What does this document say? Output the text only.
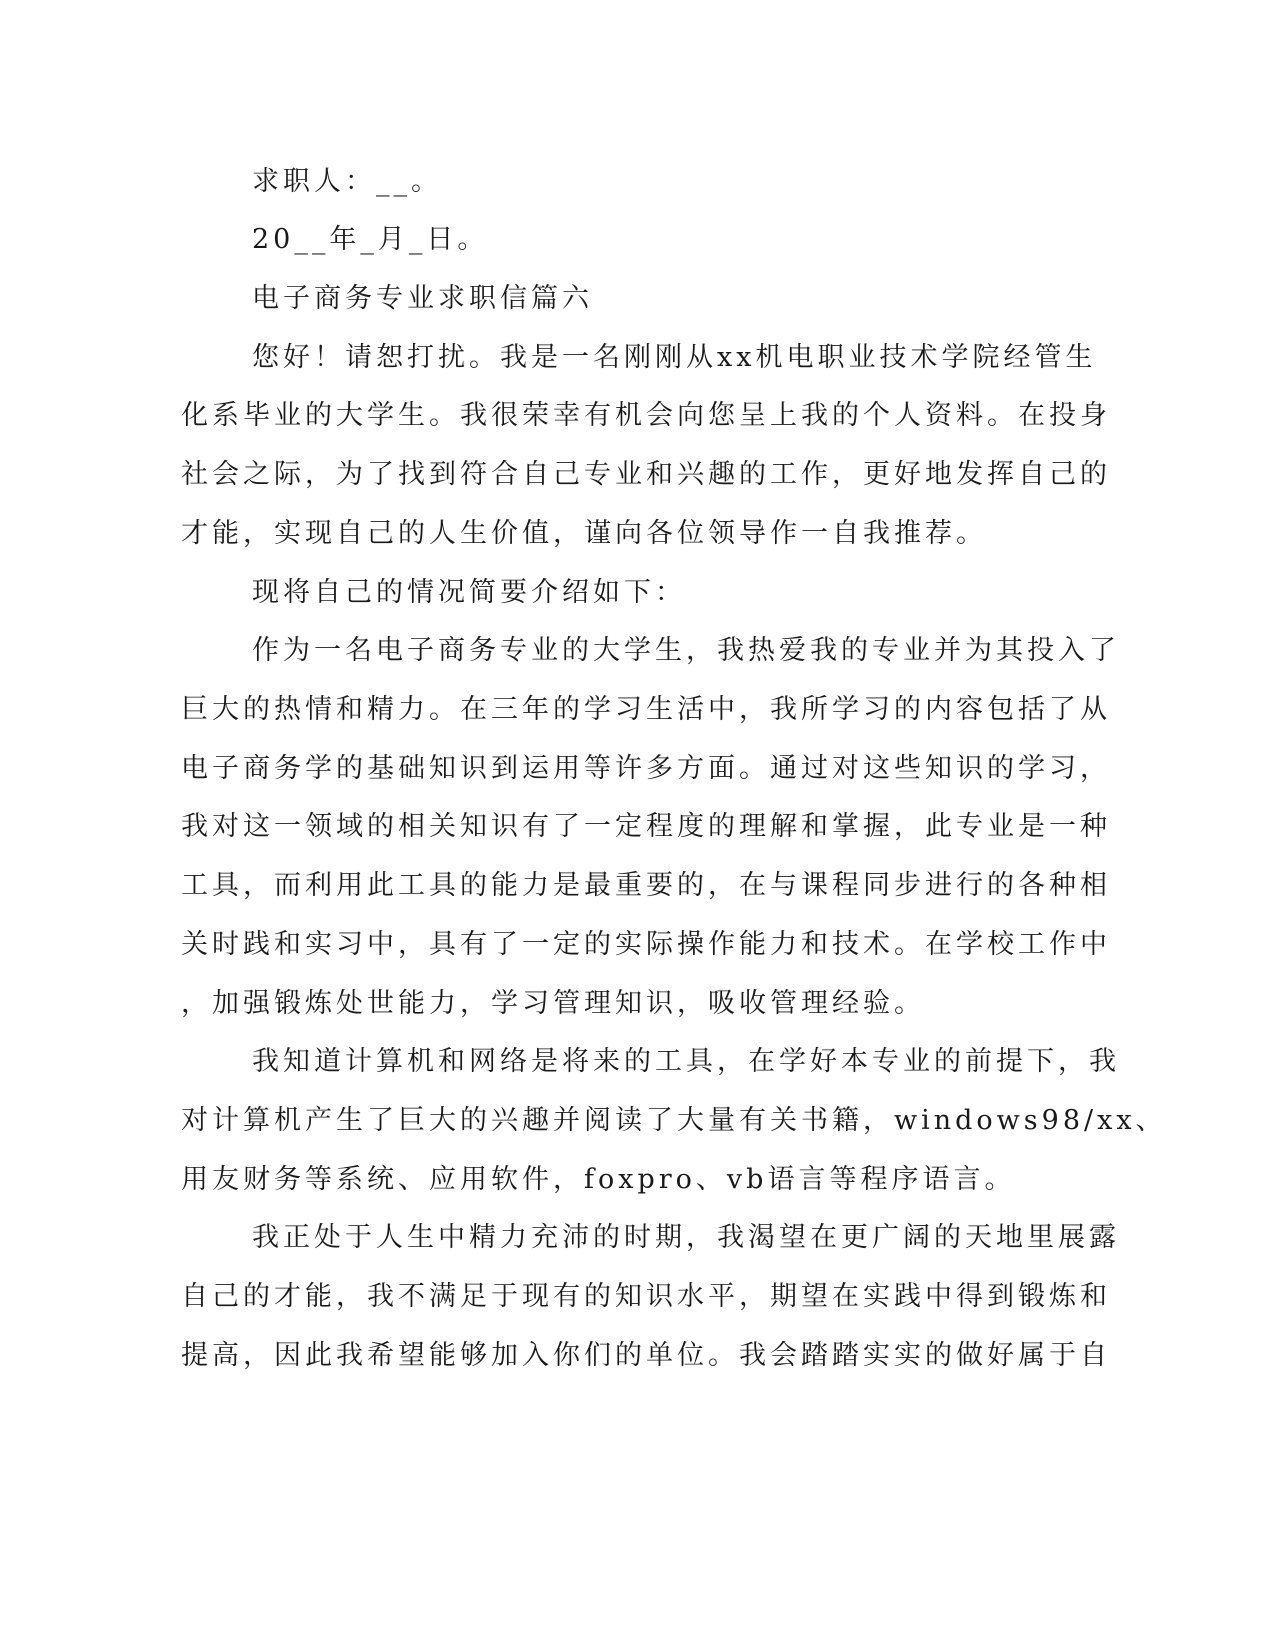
求职人：__。
20__年_月_日。
电子商务专业求职信篇六
您好！请恕打扰。我是一名刚刚从xx机电职业技术学院经管生
化系毕业的大学生。我很荣幸有机会向您呈上我的个人资料。在投身
社会之际，为了找到符合自己专业和兴趣的工作，更好地发挥自己的
才能，实现自己的人生价值，谨向各位领导作一自我推荐。
现将自己的情况简要介绍如下：
作为一名电子商务专业的大学生，我热爱我的专业并为其投入了
巨大的热情和精力。在三年的学习生活中，我所学习的内容包括了从
电子商务学的基础知识到运用等许多方面。通过对这些知识的学习，
我对这一领域的相关知识有了一定程度的理解和掌握，此专业是一种
工具，而利用此工具的能力是最重要的，在与课程同步进行的各种相
关时践和实习中，具有了一定的实际操作能力和技术。在学校工作中
，加强锻炼处世能力，学习管理知识，吸收管理经验。
我知道计算机和网络是将来的工具，在学好本专业的前提下，我
对计算机产生了巨大的兴趣并阅读了大量有关书籍，windows98/xx、
用友财务等系统、应用软件，foxpro、vb语言等程序语言。
我正处于人生中精力充沛的时期，我渴望在更广阔的天地里展露
自己的才能，我不满足于现有的知识水平，期望在实践中得到锻炼和
提高，因此我希望能够加入你们的单位。我会踏踏实实的做好属于自
